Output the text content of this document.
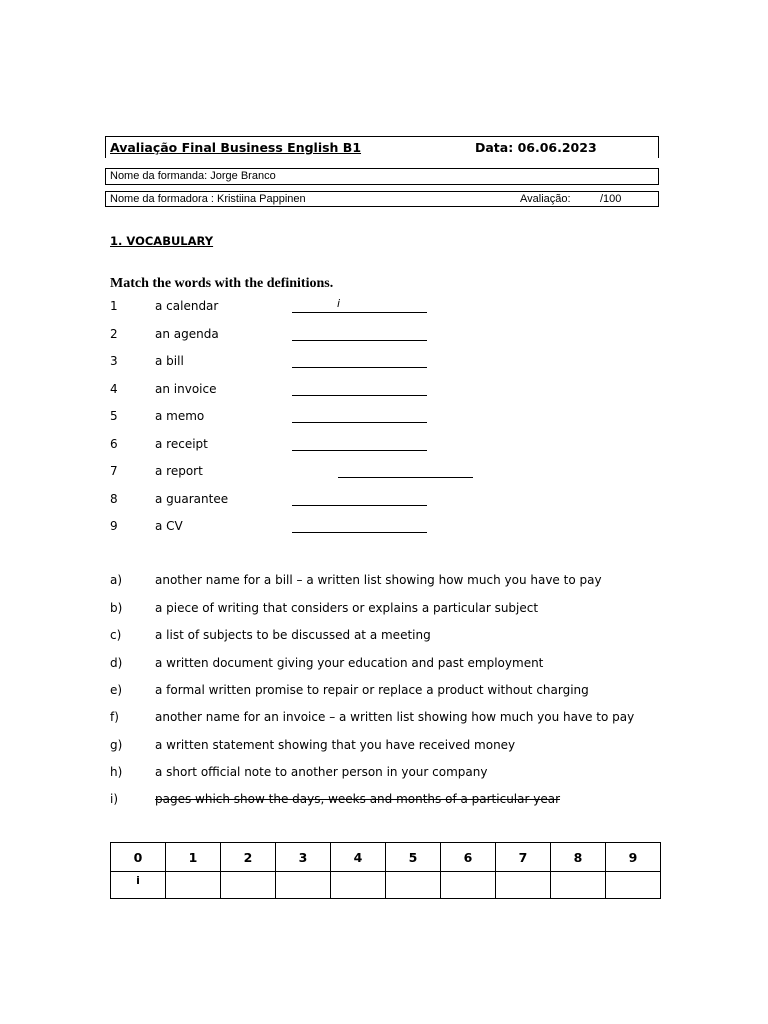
Avaliação Final Business English B1	Data: 06.06.2023
Nome da formanda: Jorge Branco
Nome da formadora : Kristiina Pappinen	Avaliação:	/100
1. VOCABULARY
Match the words with the definitions.
1	a calendar	i
2	an agenda
3	a bill
4	an invoice
5	a memo
6	a receipt
7	a report
8	a guarantee
9	a CV
a)	another name for a bill – a written list showing how much you have to pay
b)	a piece of writing that considers or explains a particular subject
c)	a list of subjects to be discussed at a meeting
d)	a written document giving your education and past employment
e)	a formal written promise to repair or replace a product without charging
f)	another name for an invoice – a written list showing how much you have to pay
g)	a written statement showing that you have received money
h)	a short official note to another person in your company
i)	pages which show the days, weeks and months of a particular year
0	1	2	3	4	5	6	7	8	9
i									
